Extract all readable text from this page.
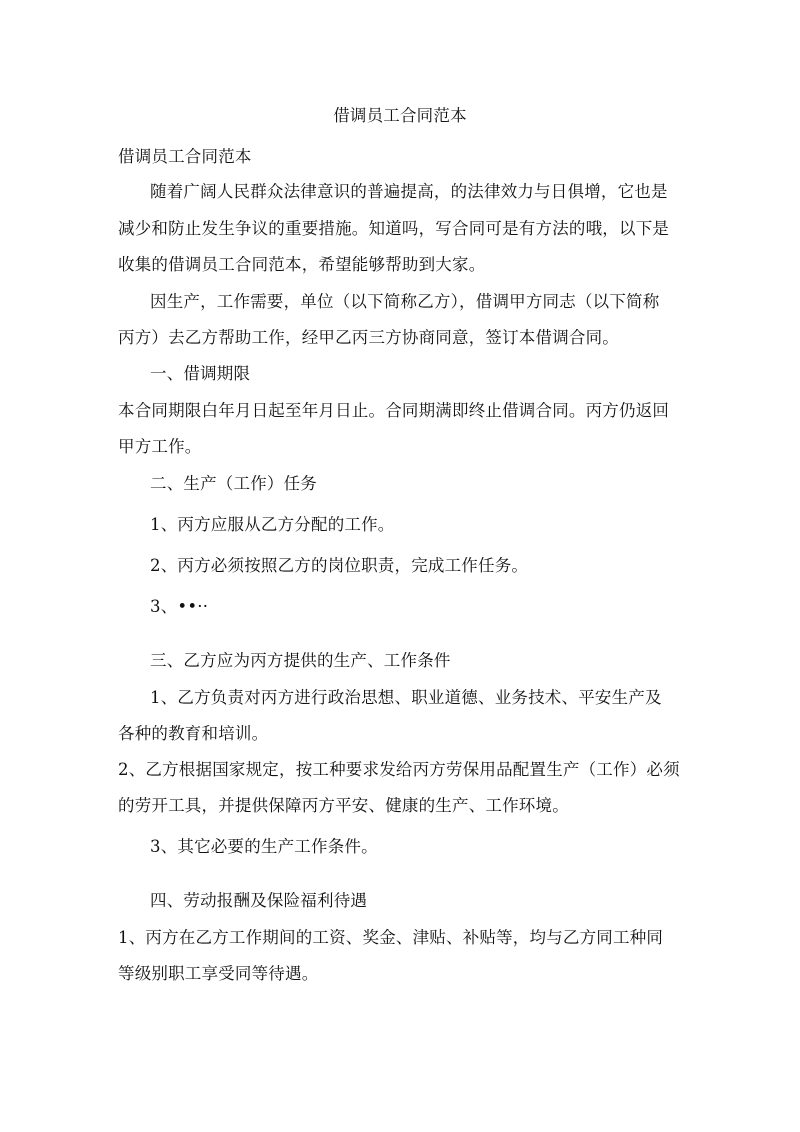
借调员工合同范本
借调员工合同范本
随着广阔人民群众法律意识的普遍提高，的法律效力与日俱增，它也是
减少和防止发生争议的重要措施。知道吗，写合同可是有方法的哦，以下是
收集的借调员工合同范本，希望能够帮助到大家。
因生产，工作需要，单位（以下简称乙方），借调甲方同志（以下简称
丙方）去乙方帮助工作，经甲乙丙三方协商同意，签订本借调合同。
一、借调期限
本合同期限白年月日起至年月日止。合同期满即终止借调合同。丙方仍返回
甲方工作。
二、生产（工作）任务
1、丙方应服从乙方分配的工作。
2、丙方必须按照乙方的岗位职责，完成工作任务。
3、••··
三、乙方应为丙方提供的生产、工作条件
1、乙方负责对丙方进行政治思想、职业道德、业务技术、平安生产及
各种的教育和培训。
2、乙方根据国家规定，按工种要求发给丙方劳保用品配置生产（工作）必须
的劳开工具，并提供保障丙方平安、健康的生产、工作环境。
3、其它必要的生产工作条件。
四、劳动报酬及保险福利待遇
1、丙方在乙方工作期间的工资、奖金、津贴、补贴等，均与乙方同工种同
等级别职工享受同等待遇。
